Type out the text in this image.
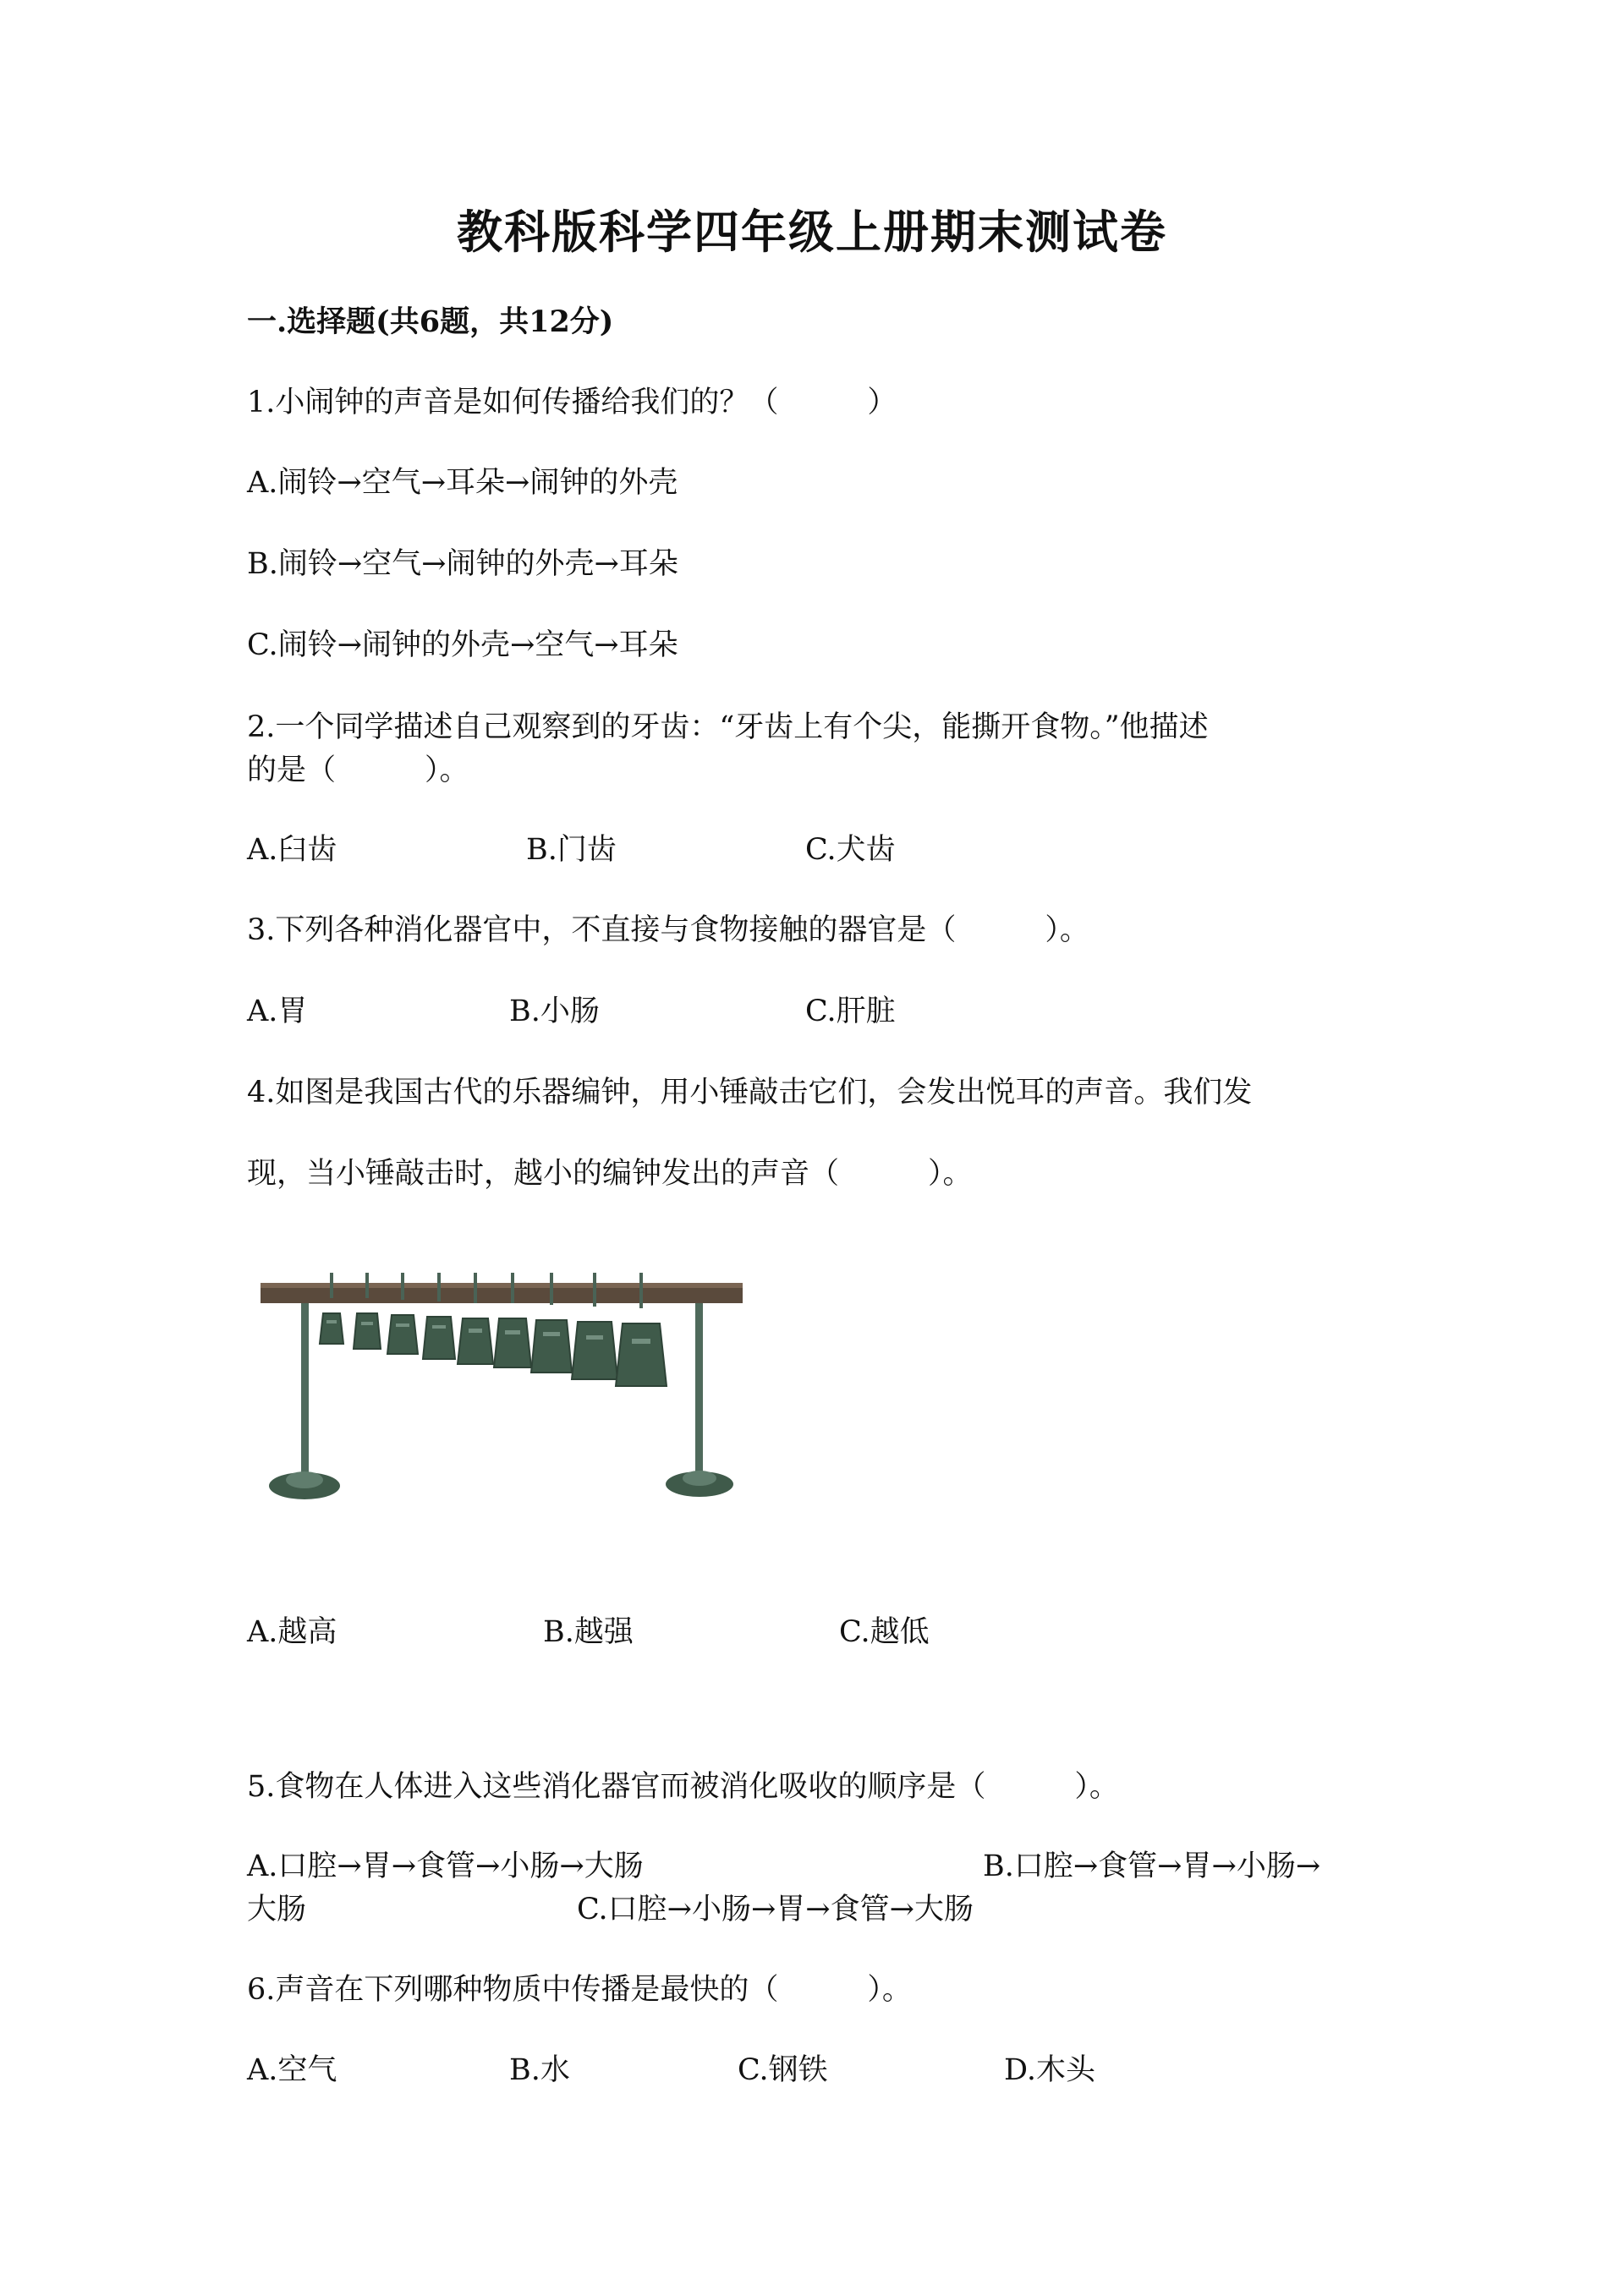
教科版科学四年级上册期末测试卷
一.选择题(共6题，共12分)
1.小闹钟的声音是如何传播给我们的？（　　　）
A.闹铃→空气→耳朵→闹钟的外壳
B.闹铃→空气→闹钟的外壳→耳朵
C.闹铃→闹钟的外壳→空气→耳朵
2.一个同学描述自己观察到的牙齿：“牙齿上有个尖，能撕开食物。”他描述
的是（　　　）。
A.臼齿	B.门齿	C.犬齿
3.下列各种消化器官中，不直接与食物接触的器官是（　　　）。
A.胃	B.小肠	C.肝脏
4.如图是我国古代的乐器编钟，用小锤敲击它们，会发出悦耳的声音。我们发
现，当小锤敲击时，越小的编钟发出的声音（　　　）。
A.越高	B.越强	C.越低
5.食物在人体进入这些消化器官而被消化吸收的顺序是（　　　）。
A.口腔→胃→食管→小肠→大肠	B.口腔→食管→胃→小肠→
大肠	C.口腔→小肠→胃→食管→大肠
6.声音在下列哪种物质中传播是最快的（　　　）。
A.空气	B.水	C.钢铁	D.木头
